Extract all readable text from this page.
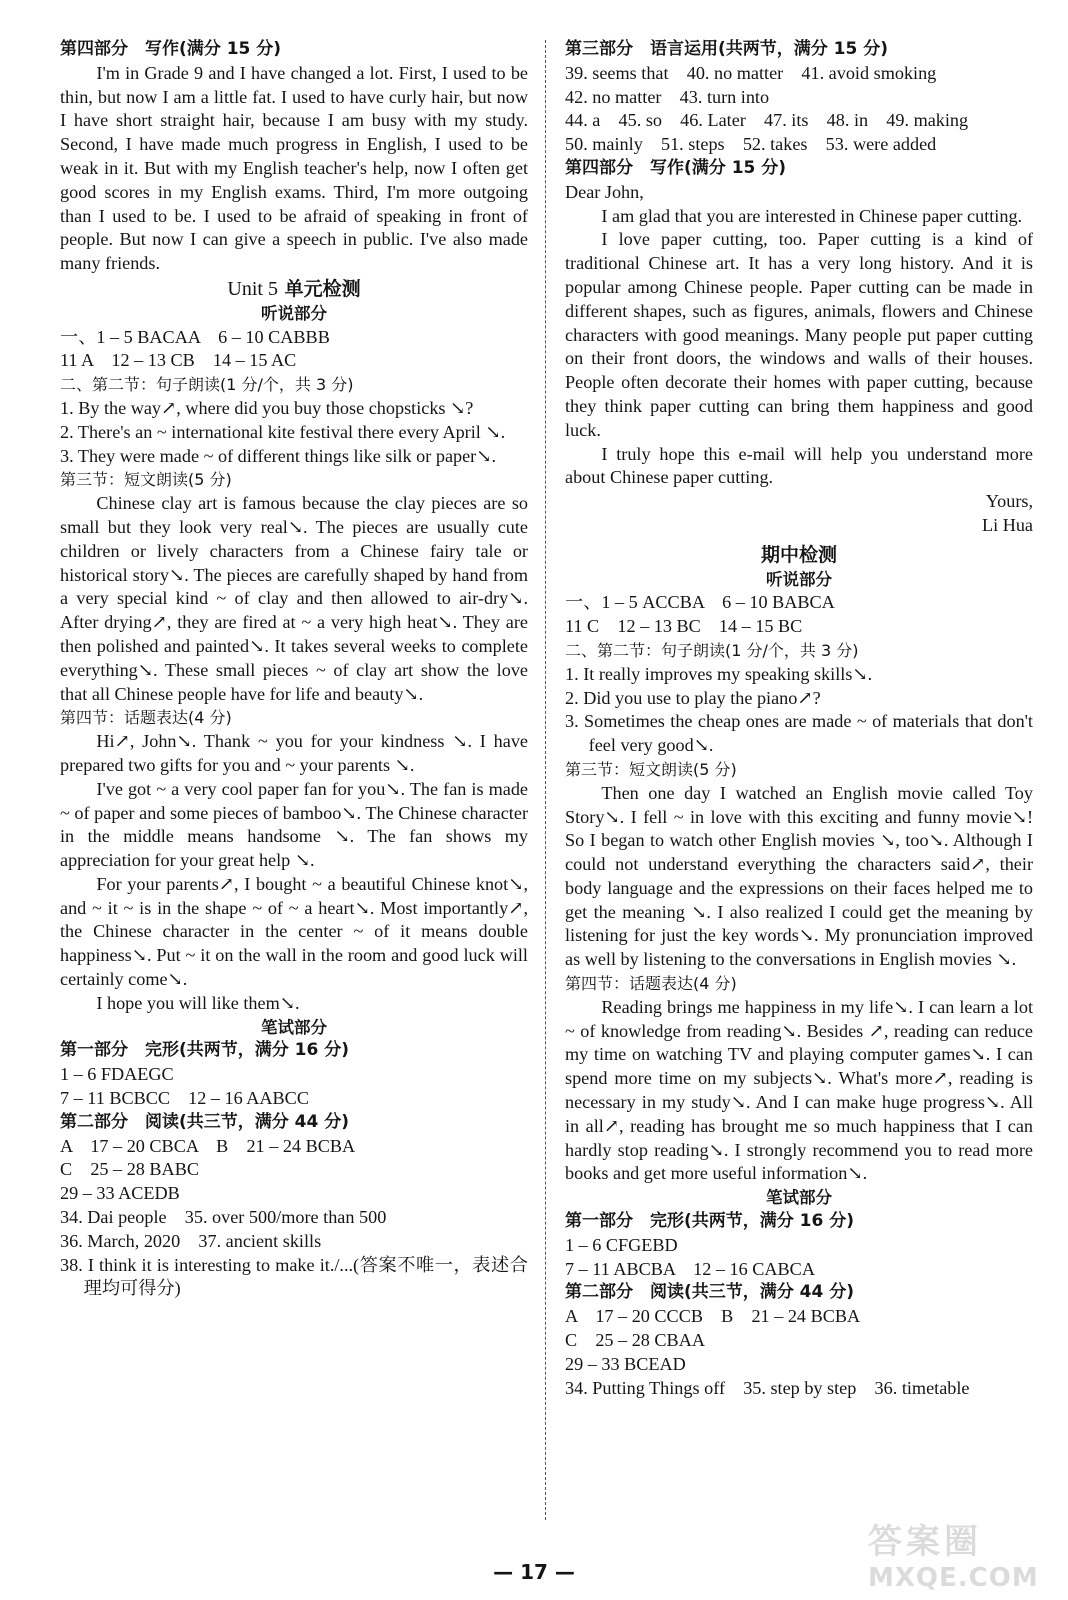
第四部分　写作(满分 15 分)

I'm in Grade 9 and I have changed a lot. First, I used to be thin, but now I am a little fat. I used to have curly hair, but now I have short straight hair, because I am busy with my study. Second, I have made much progress in English, I used to be weak in it. But with my English teacher's help, now I often get good scores in my English exams. Third, I'm more outgoing than I used to be. I used to be afraid of speaking in front of people. But now I can give a speech in public. I've also made many friends.

Unit 5 单元检测

听说部分

一、1 – 5 BACAA　6 – 10 CABBB

11 A　12 – 13 CB　14 – 15 AC

二、第二节：句子朗读(1 分/个，共 3 分)

1. By the way↗, where did you buy those chopsticks ↘?

2. There's an ~ international kite festival there every April ↘.

3. They were made ~ of different things like silk or paper↘.

第三节：短文朗读(5 分)

Chinese clay art is famous because the clay pieces are so small but they look very real↘. The pieces are usually cute children or lively characters from a Chinese fairy tale or historical story↘. The pieces are carefully shaped by hand from a very special kind ~ of clay and then allowed to air-dry↘. After drying↗, they are fired at ~ a very high heat↘. They are then polished and painted↘. It takes several weeks to complete everything↘. These small pieces ~ of clay art show the love that all Chinese people have for life and beauty↘.

第四节：话题表达(4 分)

Hi↗, John↘. Thank ~ you for your kindness ↘. I have prepared two gifts for you and ~ your parents ↘.

I've got ~ a very cool paper fan for you↘. The fan is made ~ of paper and some pieces of bamboo↘. The Chinese character in the middle means handsome ↘. The fan shows my appreciation for your great help ↘.

For your parents↗, I bought ~ a beautiful Chinese knot↘, and ~ it ~ is in the shape ~ of ~ a heart↘. Most importantly↗, the Chinese character in the center ~ of it means double happiness↘. Put ~ it on the wall in the room and good luck will certainly come↘.

I hope you will like them↘.

笔试部分

第一部分　完形(共两节，满分 16 分)

1 – 6 FDAEGC

7 – 11 BCBCC　12 – 16 AABCC

第二部分　阅读(共三节，满分 44 分)

A　17 – 20 CBCA　B　21 – 24 BCBA

C　25 – 28 BABC

29 – 33 ACEDB

34. Dai people　35. over 500/more than 500

36. March, 2020　37. ancient skills

38. I think it is interesting to make it./...(答案不唯一，表述合理均可得分)

第三部分　语言运用(共两节，满分 15 分)

39. seems that　40. no matter　41. avoid smoking

42. no matter　43. turn into

44. a　45. so　46. Later　47. its　48. in　49. making

50. mainly　51. steps　52. takes　53. were added

第四部分　写作(满分 15 分)

Dear John,

I am glad that you are interested in Chinese paper cutting.

I love paper cutting, too. Paper cutting is a kind of traditional Chinese art. It has a very long history. And it is popular among Chinese people. Paper cutting can be made in different shapes, such as figures, animals, flowers and Chinese characters with good meanings. Many people put paper cutting on their front doors, the windows and walls of their houses. People often decorate their homes with paper cutting, because they think paper cutting can bring them happiness and good luck.

I truly hope this e-mail will help you understand more about Chinese paper cutting.

Yours,

Li Hua

期中检测

听说部分

一、1 – 5 ACCBA　6 – 10 BABCA

11 C　12 – 13 BC　14 – 15 BC

二、第二节：句子朗读(1 分/个，共 3 分)

1. It really improves my speaking skills↘.

2. Did you use to play the piano↗?

3. Sometimes the cheap ones are made ~ of materials that don't feel very good↘.

第三节：短文朗读(5 分)

Then one day I watched an English movie called Toy Story↘. I fell ~ in love with this exciting and funny movie↘! So I began to watch other English movies ↘, too↘. Although I could not understand everything the characters said↗, their body language and the expressions on their faces helped me to get the meaning ↘. I also realized I could get the meaning by listening for just the key words↘. My pronunciation improved as well by listening to the conversations in English movies ↘.

第四节：话题表达(4 分)

Reading brings me happiness in my life↘. I can learn a lot ~ of knowledge from reading↘. Besides ↗, reading can reduce my time on watching TV and playing computer games↘. I can spend more time on my subjects↘. What's more↗, reading is necessary in my study↘. And I can make huge progress↘. All in all↗, reading has brought me so much happiness that I can hardly stop reading↘. I strongly recommend you to read more books and get more useful information↘.

笔试部分

第一部分　完形(共两节，满分 16 分)

1 – 6 CFGEBD

7 – 11 ABCBA　12 – 16 CABCA

第二部分　阅读(共三节，满分 44 分)

A　17 – 20 CCCB　B　21 – 24 BCBA

C　25 – 28 CBAA

29 – 33 BCEAD

34. Putting Things off　35. step by step　36. timetable

— 17 —
答案圈
MXQE.COM
